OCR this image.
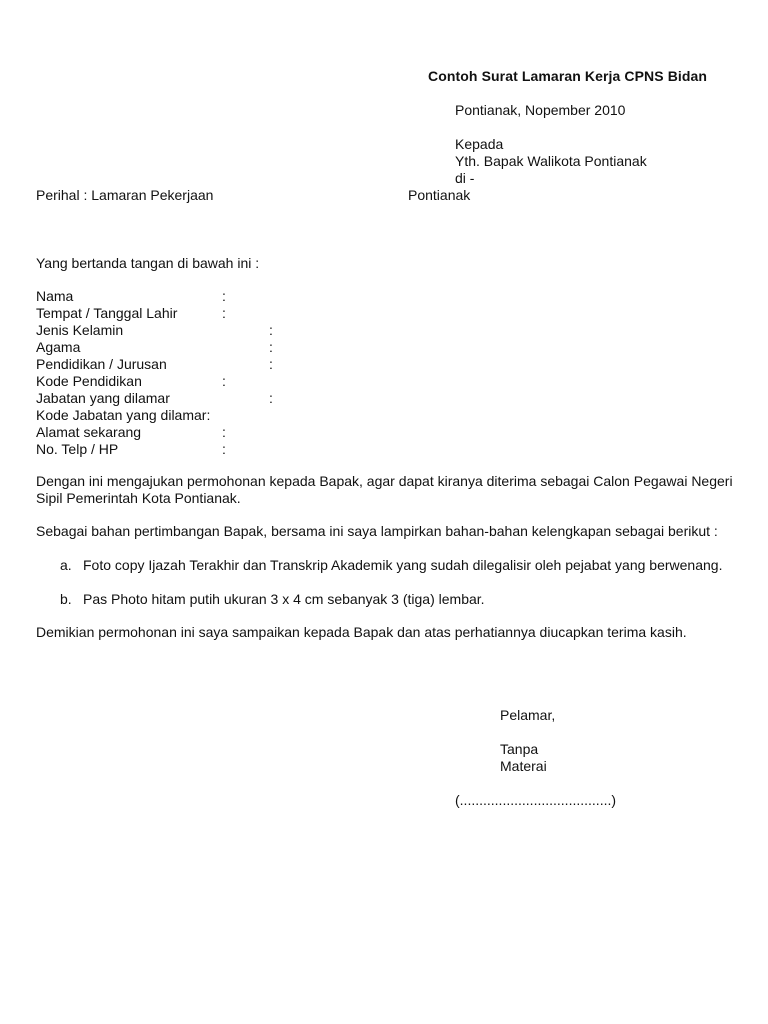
Contoh Surat Lamaran Kerja CPNS Bidan
Pontianak, Nopember 2010
Kepada
Yth. Bapak Walikota Pontianak
di -
Perihal : Lamaran Pekerjaan	Pontianak
Yang bertanda tangan di bawah ini :
Nama	:
Tempat / Tanggal Lahir	:
Jenis Kelamin	:
Agama	:
Pendidikan / Jurusan	:
Kode Pendidikan	:
Jabatan yang dilamar	:
Kode Jabatan yang dilamar:
Alamat sekarang	:
No. Telp / HP	:
Dengan ini mengajukan permohonan kepada Bapak, agar dapat kiranya diterima sebagai Calon Pegawai Negeri Sipil Pemerintah Kota Pontianak.
Sebagai bahan pertimbangan Bapak, bersama ini saya lampirkan bahan-bahan kelengkapan sebagai berikut :
a. Foto copy Ijazah Terakhir dan Transkrip Akademik yang sudah dilegalisir oleh pejabat yang berwenang.
b. Pas Photo hitam putih ukuran 3 x 4 cm sebanyak 3 (tiga) lembar.
Demikian permohonan ini saya sampaikan kepada Bapak dan atas perhatiannya diucapkan terima kasih.
Pelamar,
Tanpa
Materai
(.......................................)
